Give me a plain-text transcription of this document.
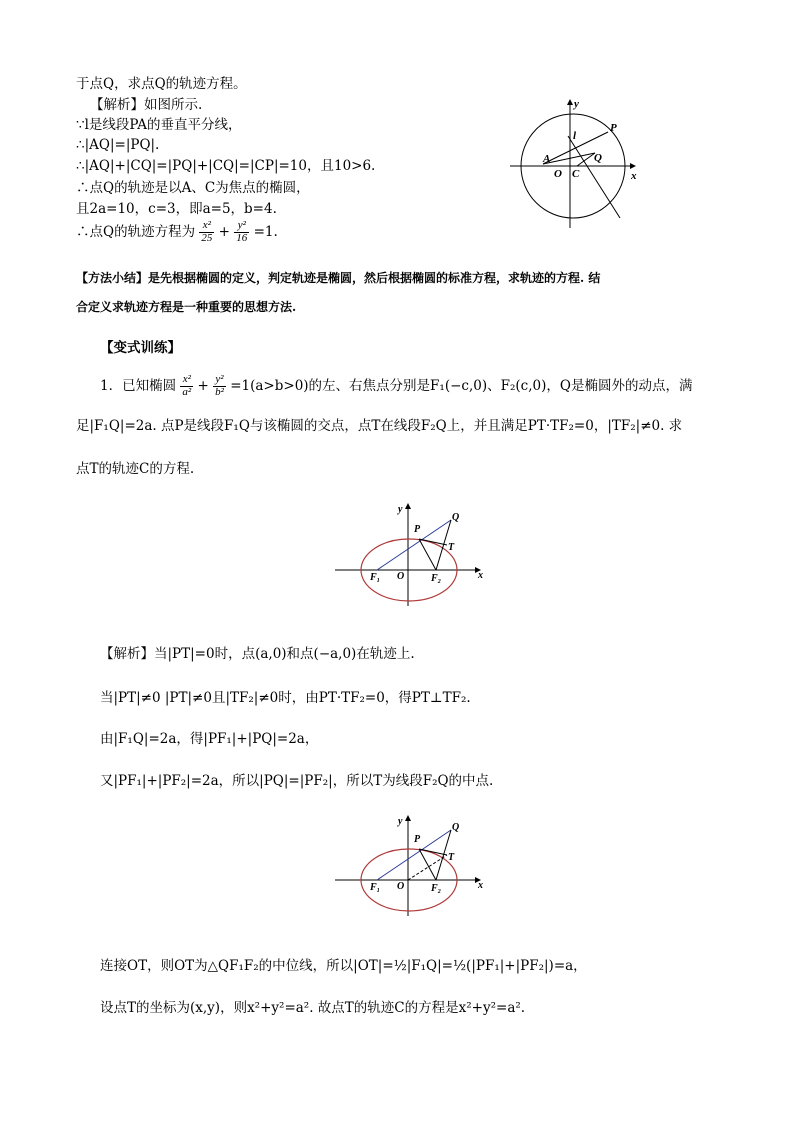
于点Q，求点Q的轨迹方程。
【解析】如图所示.
∵l是线段PA的垂直平分线，
∴|AQ|=|PQ|.
∴|AQ|+|CQ|=|PQ|+|CQ|=|CP|=10，且10>6.
∴点Q的轨迹是以A、C为焦点的椭圆，
且2a=10，c=3，即a=5，b=4.
∴点Q的轨迹方程为 $\frac{\text{x²}}{25} + \frac{\text{y²}}{16} =1$.
y
x
P
l
A	Q
O C
【方法小结】是先根据椭圆的定义，判定轨迹是椭圆，然后根据椭圆的标准方程，求轨迹的方程. 结
合定义求轨迹方程是一种重要的思想方法.
【变式训练】
1．已知椭圆 $\frac{\text{x²}}{\text{a²}} + \frac{\text{y²}}{\text{b²}} =1(a>b>0)$的左、右焦点分别是F₁(−c,0)、F₂(c,0)，Q是椭圆外的动点，满
足|F₁Q|=2a. 点P是线段F₁Q与该椭圆的交点，点T在线段F₂Q上，并且满足PT·TF₂=0，|TF₂|≠0. 求
点T的轨迹C的方程.
y
x
P
Q
T
F₁ O	F₂
【解析】当|PT|=0时，点(a,0)和点(−a,0)在轨迹上.
当|PT|≠0 |PT|≠0且|TF₂|≠0时，由PT·TF₂=0，得PT⊥TF₂.
由|F₁Q|=2a，得|PF₁|+|PQ|=2a，
又|PF₁|+|PF₂|=2a，所以|PQ|=|PF₂|，所以T为线段F₂Q的中点.
y
x
P
Q
T
F₁ O	F₂
连接OT，则OT为△QF₁F₂的中位线，所以|OT|=½|F₁Q|=½(|PF₁|+|PF₂|)=a，
设点T的坐标为(x,y)，则x²+y²=a². 故点T的轨迹C的方程是x²+y²=a².
